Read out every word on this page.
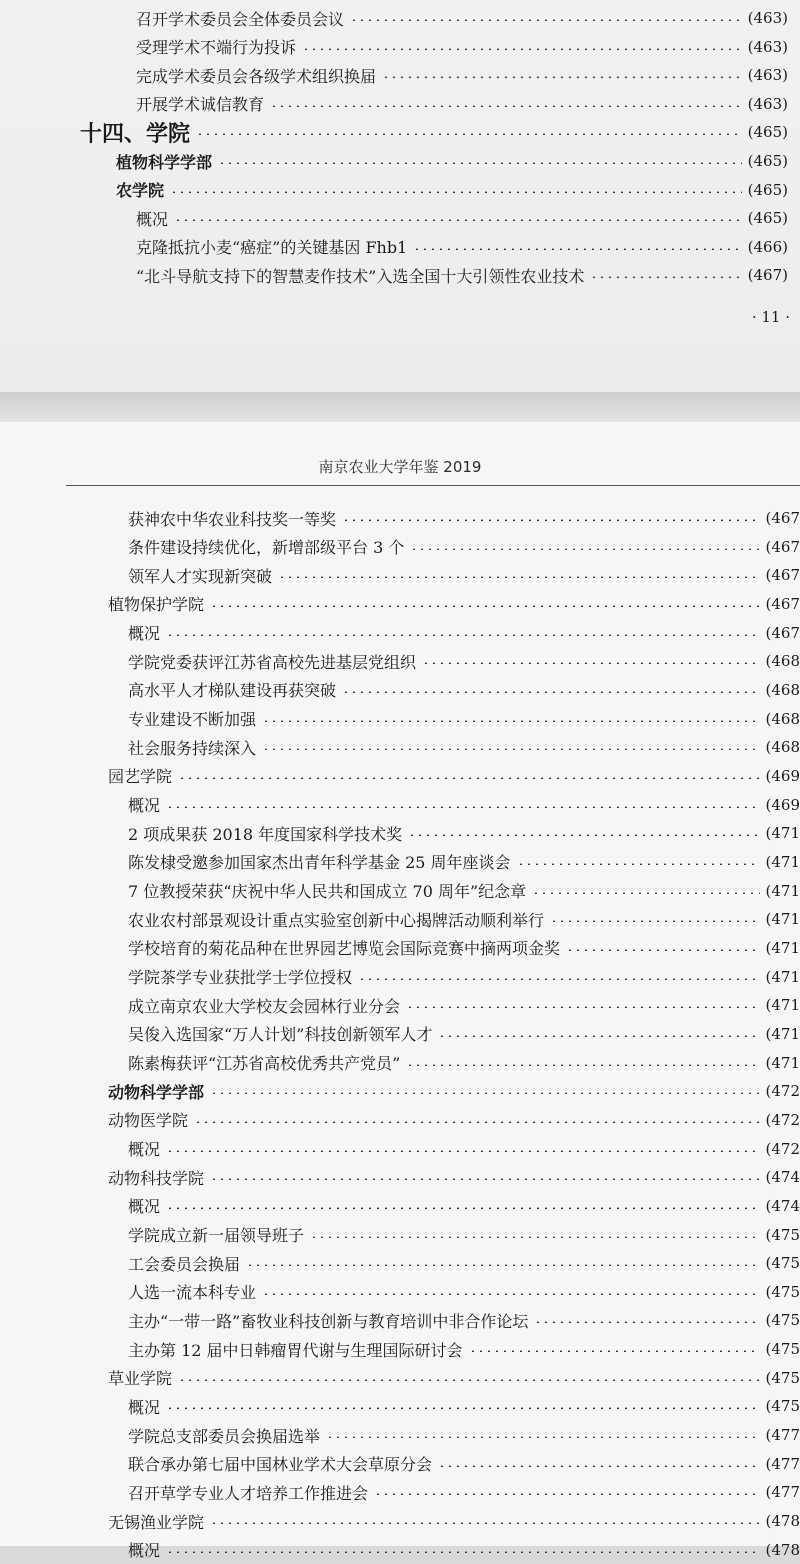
召开学术委员会全体委员会议	(463)
受理学术不端行为投诉	(463)
完成学术委员会各级学术组织换届	(463)
开展学术诚信教育	(463)
十四、学院	(465)
植物科学学部	(465)
农学院	(465)
概况	(465)
克隆抵抗小麦“癌症”的关键基因 Fhb1	(466)
“北斗导航支持下的智慧麦作技术”入选全国十大引领性农业技术	(467)
· 11 ·
南京农业大学年鉴 2019
获神农中华农业科技奖一等奖	(467
条件建设持续优化，新增部级平台 3 个	(467
领军人才实现新突破	(467
植物保护学院	(467
概况	(467
学院党委获评江苏省高校先进基层党组织	(468
高水平人才梯队建设再获突破	(468
专业建设不断加强	(468
社会服务持续深入	(468
园艺学院	(469
概况	(469
2 项成果获 2018 年度国家科学技术奖	(471
陈发棣受邀参加国家杰出青年科学基金 25 周年座谈会	(471
7 位教授荣获“庆祝中华人民共和国成立 70 周年”纪念章	(471
农业农村部景观设计重点实验室创新中心揭牌活动顺利举行	(471
学校培育的菊花品种在世界园艺博览会国际竞赛中摘两项金奖	(471
学院茶学专业获批学士学位授权	(471
成立南京农业大学校友会园林行业分会	(471
吴俊入选国家“万人计划”科技创新领军人才	(471
陈素梅获评“江苏省高校优秀共产党员”	(471
动物科学学部	(472
动物医学院	(472
概况	(472
动物科技学院	(474
概况	(474
学院成立新一届领导班子	(475
工会委员会换届	(475
人选一流本科专业	(475
主办“一带一路”畜牧业科技创新与教育培训中非合作论坛	(475
主办第 12 届中日韩瘤胃代谢与生理国际研讨会	(475
草业学院	(475
概况	(475
学院总支部委员会换届选举	(477
联合承办第七届中国林业学术大会草原分会	(477
召开草学专业人才培养工作推进会	(477
无锡渔业学院	(478
概况	(478
